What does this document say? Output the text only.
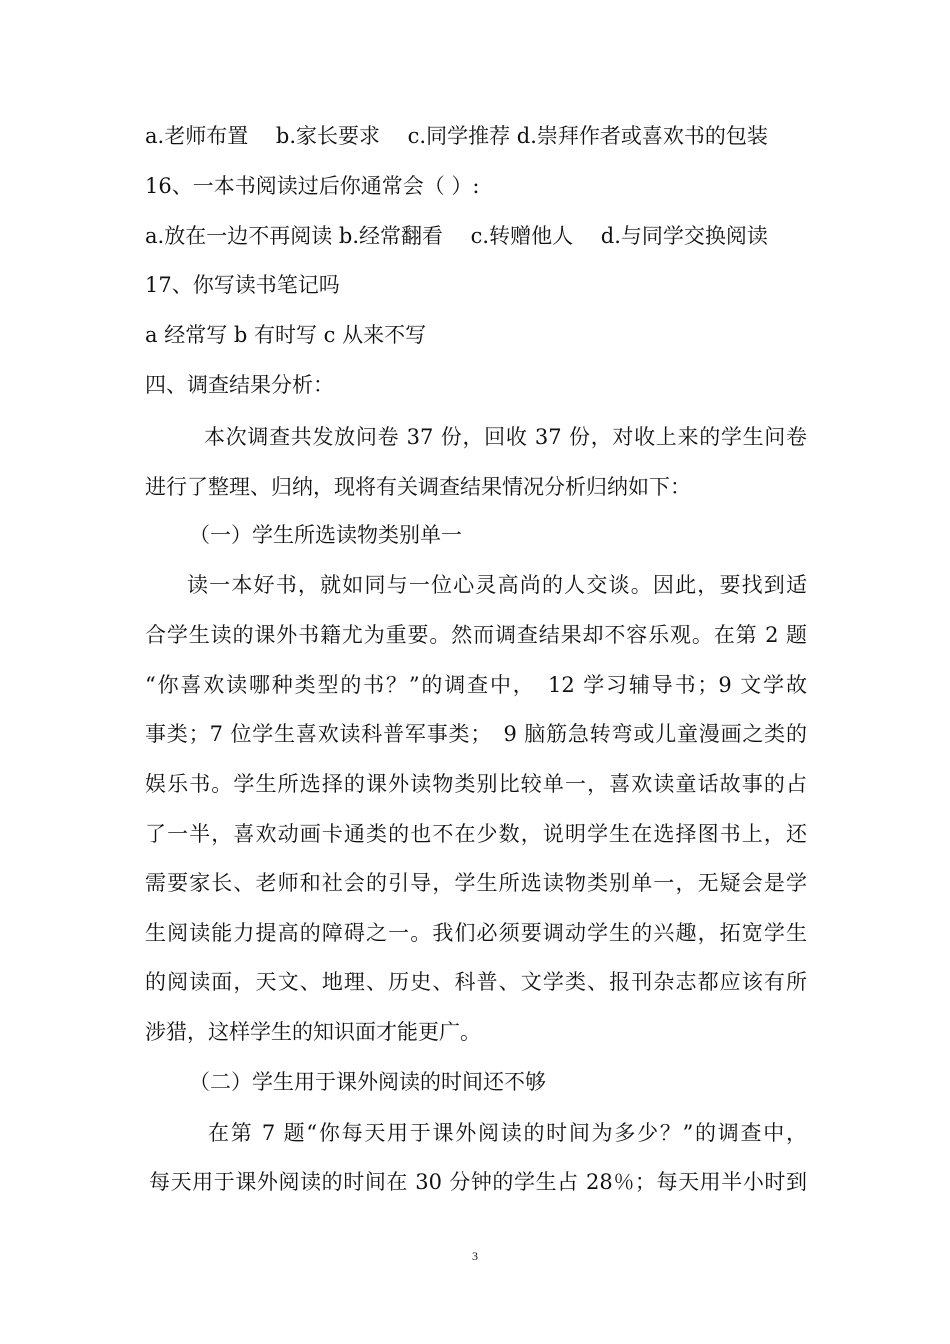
a.老师布置 　b.家长要求 　c.同学推荐 d.崇拜作者或喜欢书的包装
16、一本书阅读过后你通常会（ ）:
a.放在一边不再阅读 b.经常翻看 　c.转赠他人 　d.与同学交换阅读
17、你写读书笔记吗
a 经常写 b 有时写 c 从来不写
四、调查结果分析：
本次调查共发放问卷 37 份，回收 37 份，对收上来的学生问卷
进行了整理、归纳，现将有关调查结果情况分析归纳如下：
（一）学生所选读物类别单一
读一本好书，就如同与一位心灵高尚的人交谈。因此，要找到适
合学生读的课外书籍尤为重要。然而调查结果却不容乐观。在第 2 题
“你喜欢读哪种类型的书？”的调查中，　12 学习辅导书；9 文学故
事类；7 位学生喜欢读科普军事类；　9 脑筋急转弯或儿童漫画之类的
娱乐书。学生所选择的课外读物类别比较单一，喜欢读童话故事的占
了一半，喜欢动画卡通类的也不在少数，说明学生在选择图书上，还
需要家长、老师和社会的引导，学生所选读物类别单一，无疑会是学
生阅读能力提高的障碍之一。我们必须要调动学生的兴趣，拓宽学生
的阅读面，天文、地理、历史、科普、文学类、报刊杂志都应该有所
涉猎，这样学生的知识面才能更广。
（二）学生用于课外阅读的时间还不够
在第 7 题“你每天用于课外阅读的时间为多少？”的调查中，
每天用于课外阅读的时间在 30 分钟的学生占 28％；每天用半小时到
3
